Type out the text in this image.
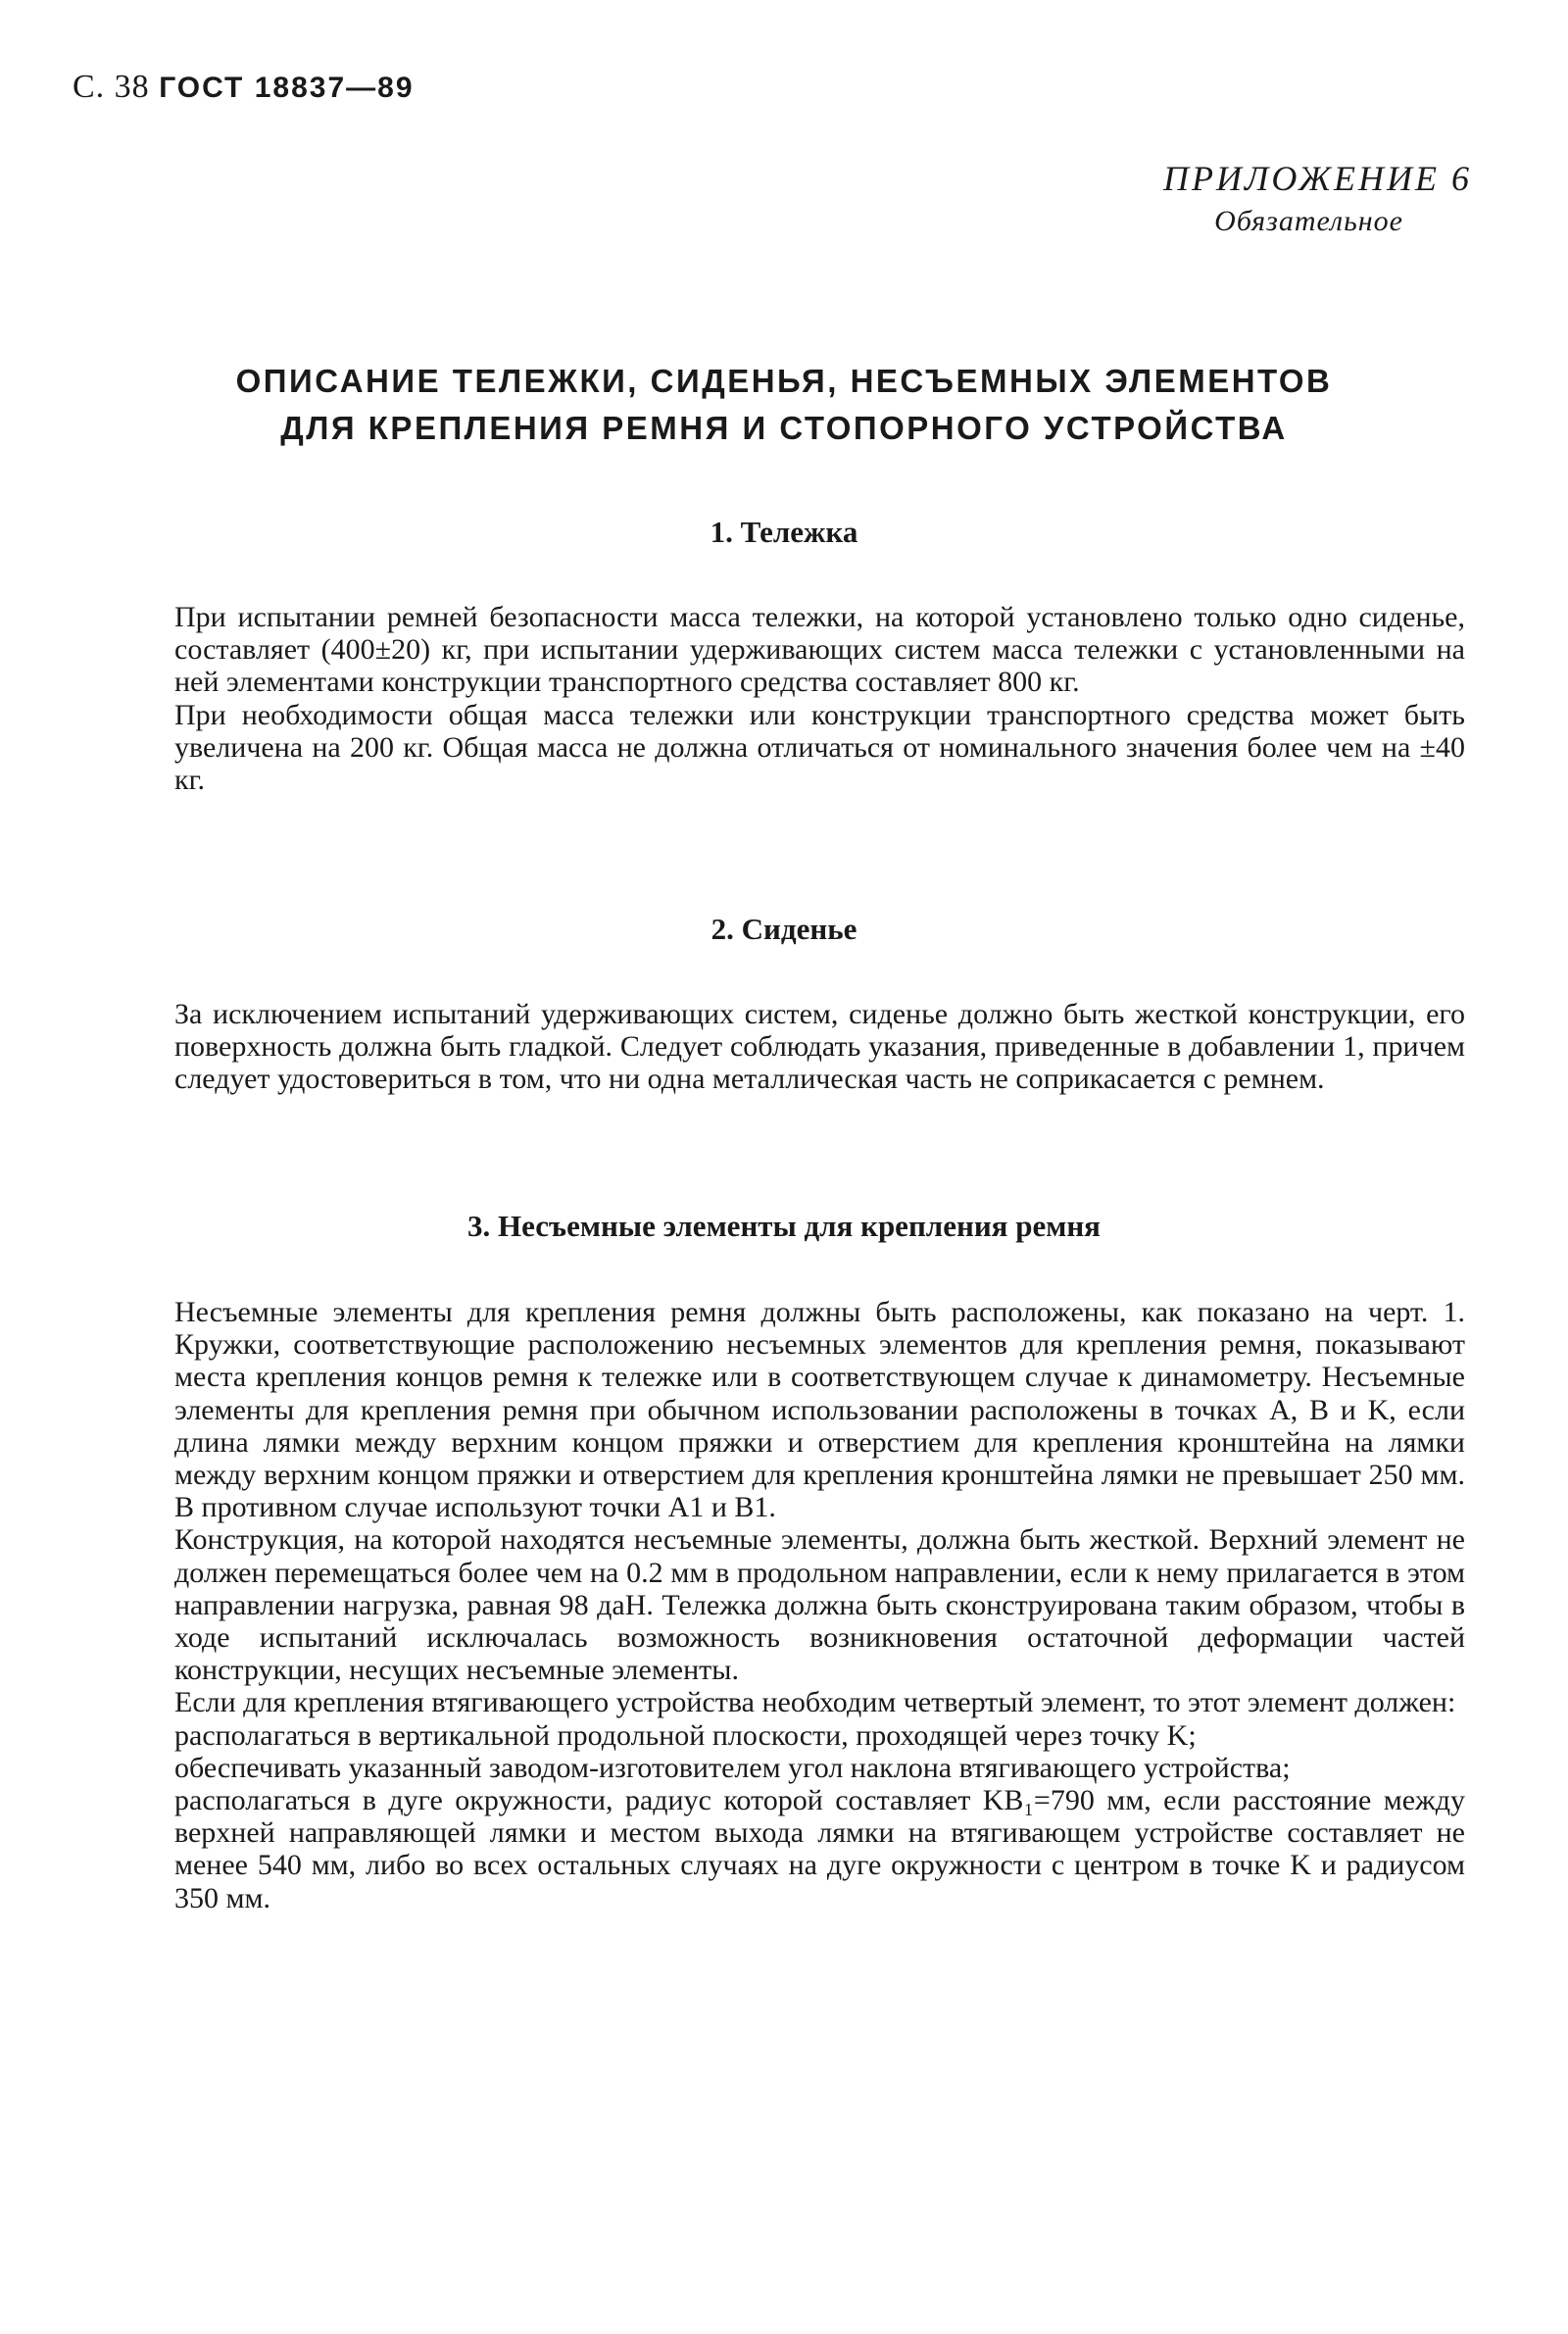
С. 38 ГОСТ 18837—89
ПРИЛОЖЕНИЕ 6
Обязательное
ОПИСАНИЕ ТЕЛЕЖКИ, СИДЕНЬЯ, НЕСЪЕМНЫХ ЭЛЕМЕНТОВ
ДЛЯ КРЕПЛЕНИЯ РЕМНЯ И СТОПОРНОГО УСТРОЙСТВА
1. Тележка

При испытании ремней безопасности масса тележки, на которой установлено только одно сиденье, составляет (400±20) кг, при испытании удерживающих систем масса тележки с установленными на ней элементами конструкции транспортного средства составляет 800 кг.

При необходимости общая масса тележки или конструкции транспортного средства может быть увеличена на 200 кг. Общая масса не должна отличаться от номинального значения более чем на ±40 кг.

2. Сиденье

За исключением испытаний удерживающих систем, сиденье должно быть жесткой конструкции, его поверхность должна быть гладкой. Следует соблюдать указания, приведенные в добавлении 1, причем следует удостовериться в том, что ни одна металлическая часть не соприкасается с ремнем.

3. Несъемные элементы для крепления ремня

Несъемные элементы для крепления ремня должны быть расположены, как показано на черт. 1. Кружки, соответствующие расположению несъемных элементов для крепления ремня, показывают места крепления концов ремня к тележке или в соответствующем случае к динамометру. Несъемные элементы для крепления ремня при обычном использовании расположены в точках A, B и K, если длина лямки между верхним концом пряжки и отверстием для крепления кронштейна на лямки между верхним концом пряжки и отверстием для крепления кронштейна лямки не превышает 250 мм. В противном случае используют точки A1 и B1.

Конструкция, на которой находятся несъемные элементы, должна быть жесткой. Верхний элемент не должен перемещаться более чем на 0.2 мм в продольном направлении, если к нему прилагается в этом направлении нагрузка, равная 98 даН. Тележка должна быть сконструирована таким образом, чтобы в ходе испытаний исключалась возможность возникновения остаточной деформации частей конструкции, несущих несъемные элементы.

Если для крепления втягивающего устройства необходим четвертый элемент, то этот элемент должен:

располагаться в вертикальной продольной плоскости, проходящей через точку K;

обеспечивать указанный заводом-изготовителем угол наклона втягивающего устройства;

располагаться в дуге окружности, радиус которой составляет KB₁=790 мм, если расстояние между верхней направляющей лямки и местом выхода лямки на втягивающем устройстве составляет не менее 540 мм, либо во всех остальных случаях на дуге окружности с центром в точке K и радиусом 350 мм.
